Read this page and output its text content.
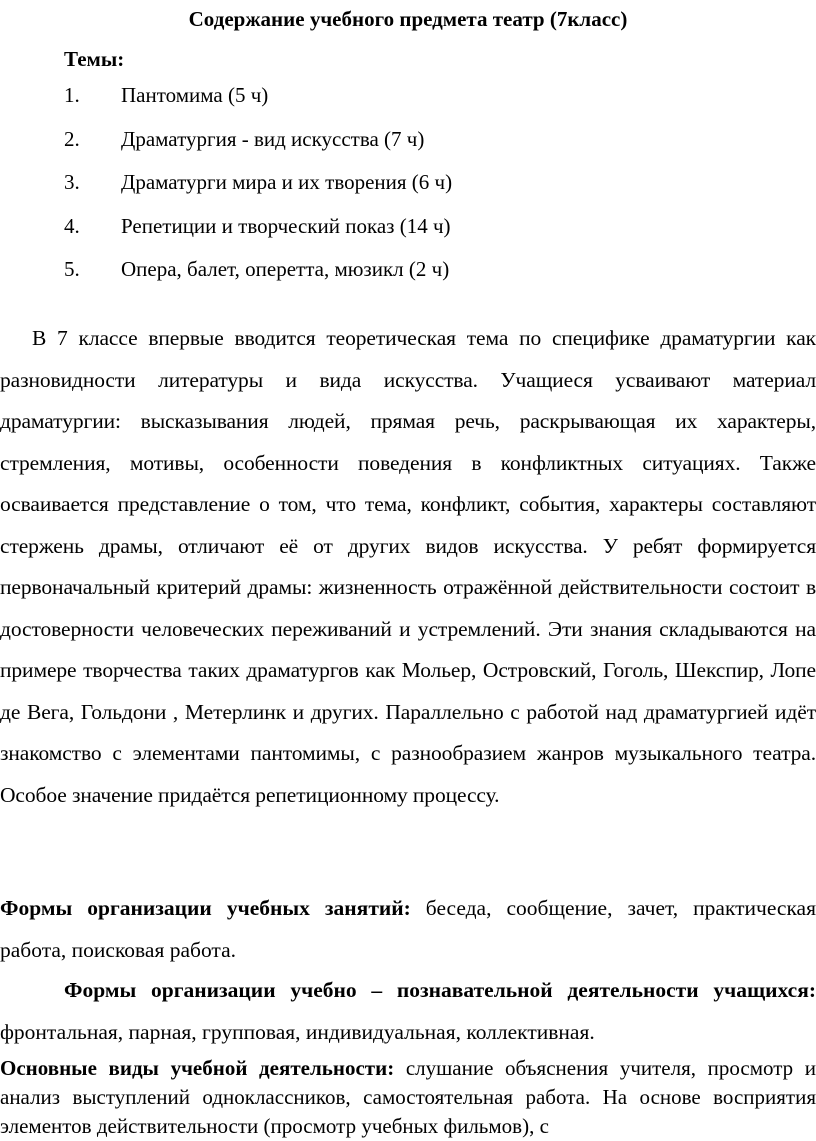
Содержание учебного предмета театр (7класс)
Темы:
1. Пантомима (5 ч)
2. Драматургия - вид искусства (7 ч)
3. Драматурги мира и их творения (6 ч)
4. Репетиции и творческий показ (14 ч)
5. Опера, балет, оперетта, мюзикл (2 ч)

В 7 классе впервые вводится теоретическая тема по специфике драматургии как разновидности литературы и вида искусства. Учащиеся усваивают материал драматургии: высказывания людей, прямая речь, раскрывающая их характеры, стремления, мотивы, особенности поведения в конфликтных ситуациях. Также осваивается представление о том, что тема, конфликт, события, характеры составляют стержень драмы, отличают её от других видов искусства. У ребят формируется первоначальный критерий драмы: жизненность отражённой действительности состоит в достоверности человеческих переживаний и устремлений. Эти знания складываются на примере творчества таких драматургов как Мольер, Островский, Гоголь, Шекспир, Лопе де Вега, Гольдони , Метерлинк и других. Параллельно с работой над драматургией идёт знакомство с элементами пантомимы, с разнообразием жанров музыкального театра. Особое значение придаётся репетиционному процессу.

Формы организации учебных занятий: беседа, сообщение, зачет, практическая работа, поисковая работа.

Формы организации учебно – познавательной деятельности учащихся: фронтальная, парная, групповая, индивидуальная, коллективная.

Основные виды учебной деятельности: слушание объяснения учителя, просмотр и анализ выступлений одноклассников, самостоятельная работа. На основе восприятия элементов действительности (просмотр учебных фильмов), с
